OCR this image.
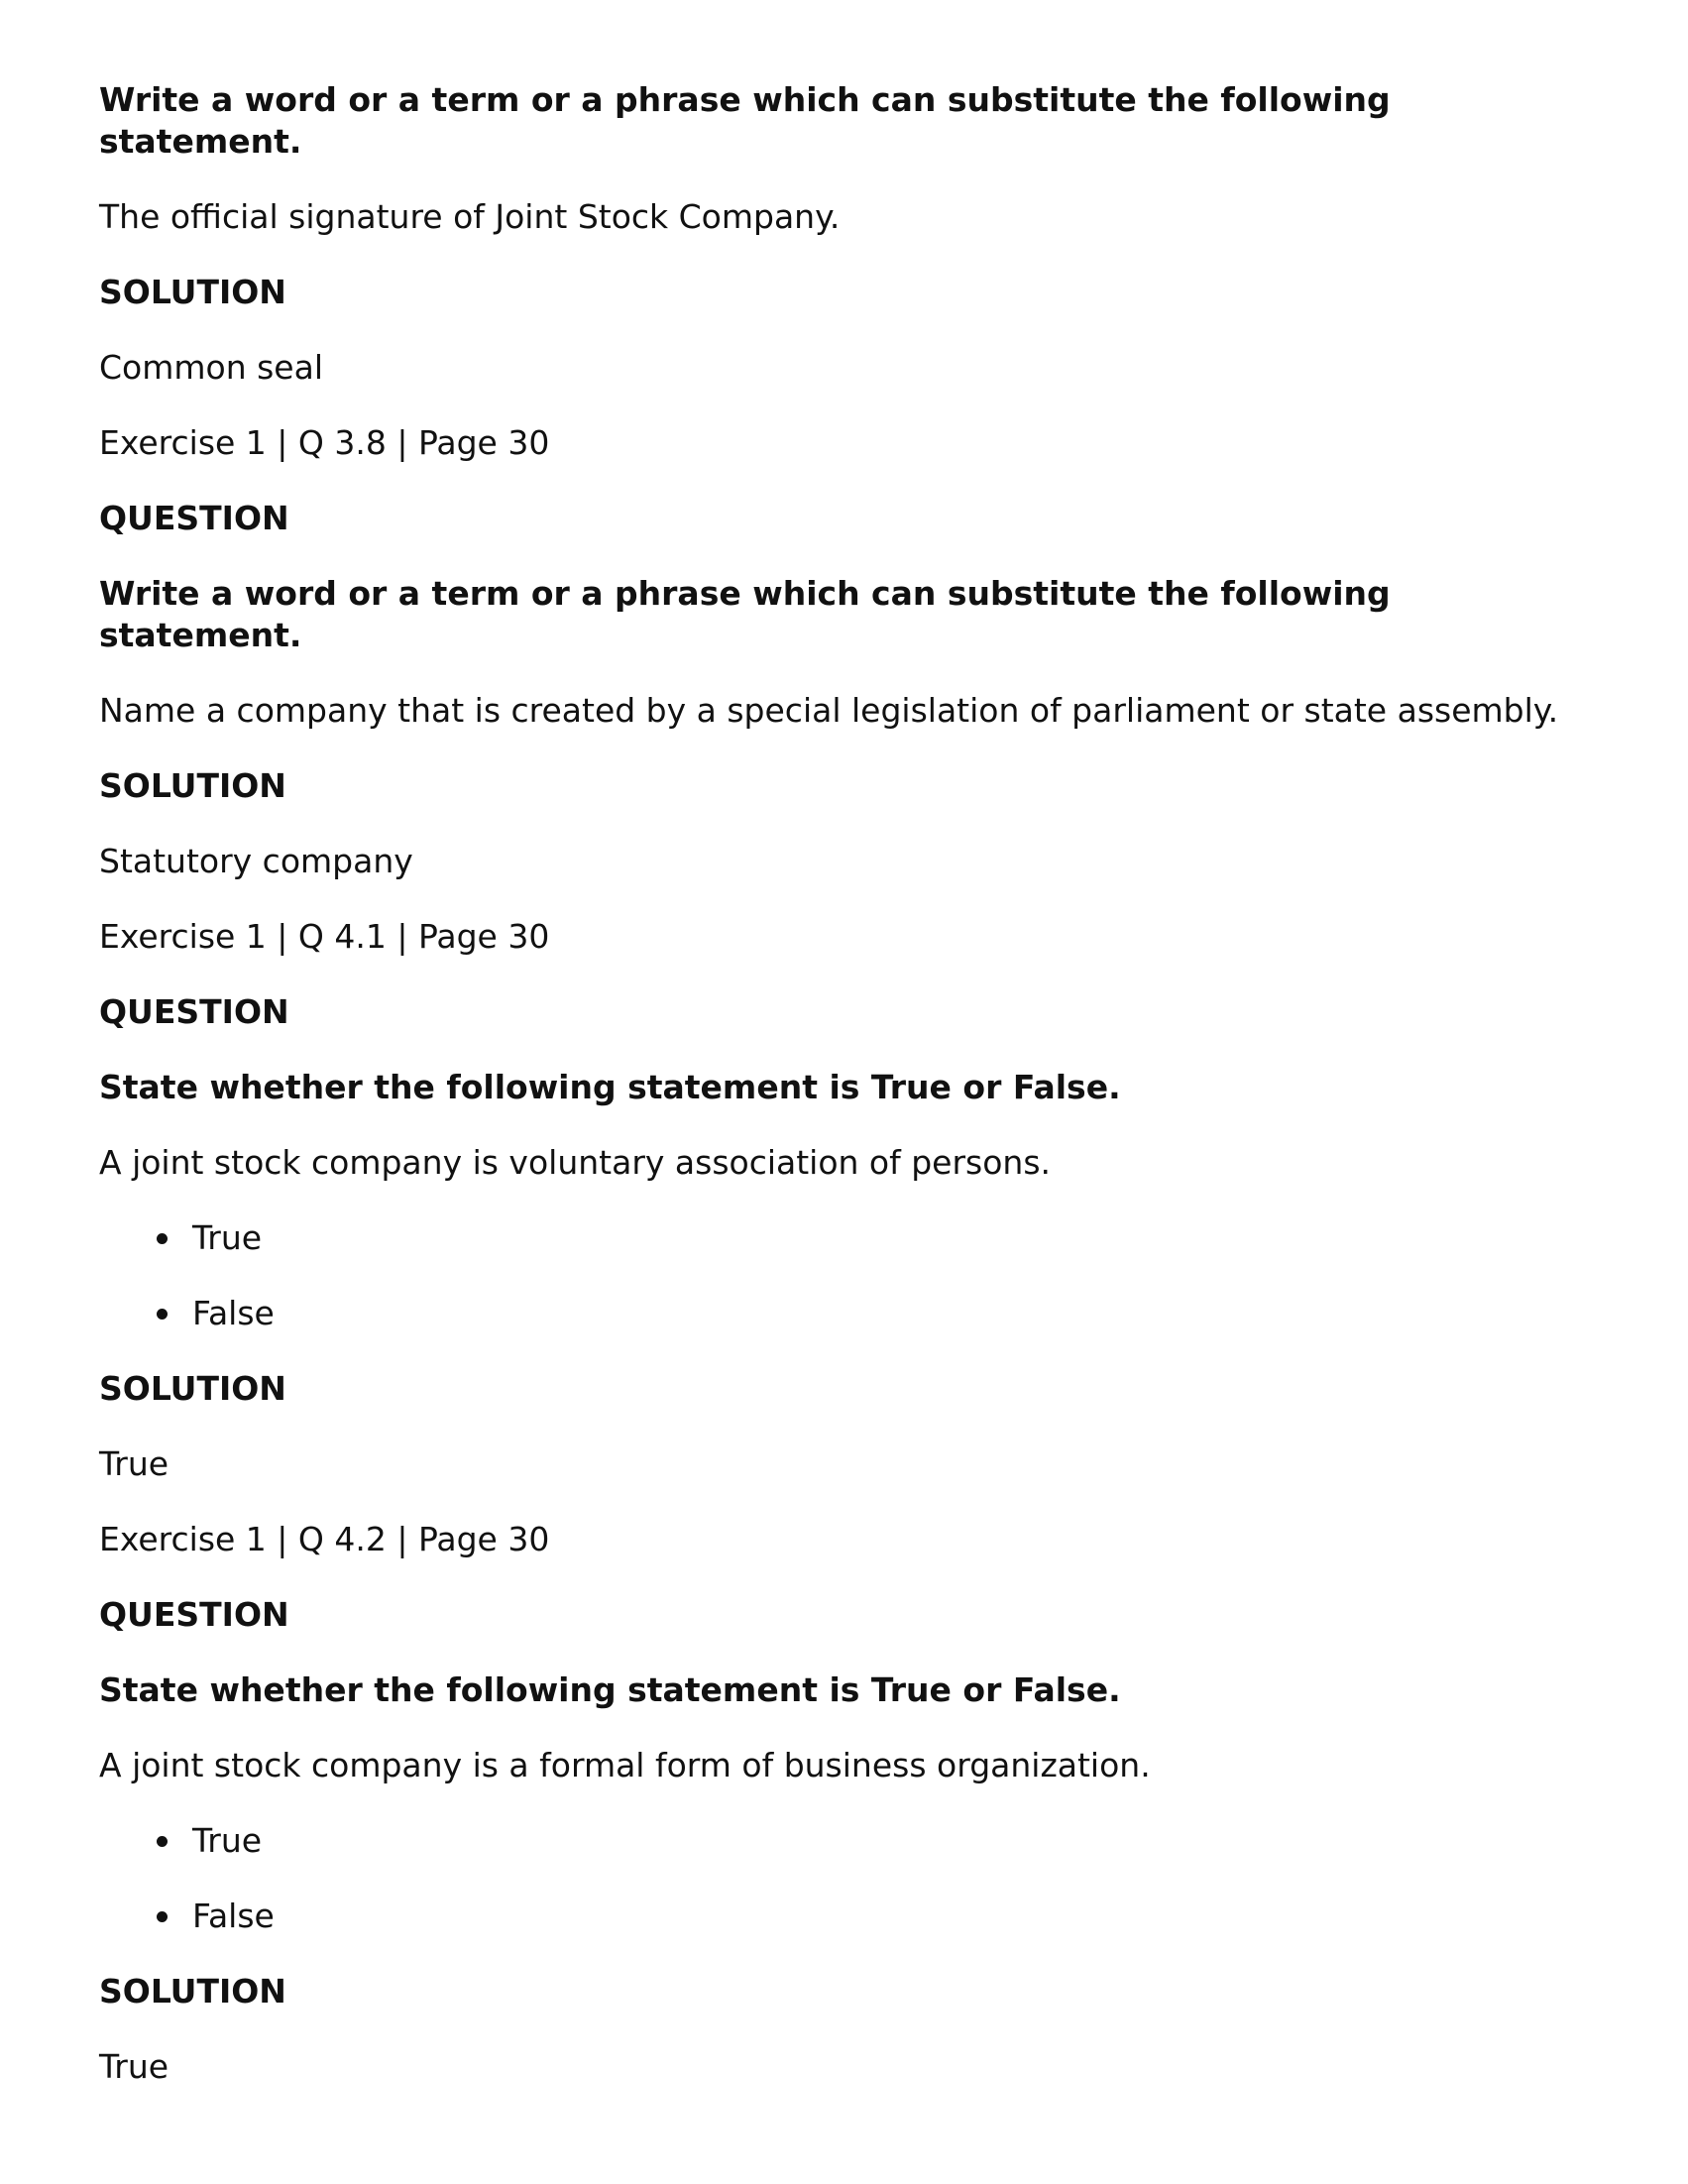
Write a word or a term or a phrase which can substitute the following statement.
The official signature of Joint Stock Company.
SOLUTION
Common seal
Exercise 1 | Q 3.8 | Page 30
QUESTION
Write a word or a term or a phrase which can substitute the following statement.
Name a company that is created by a special legislation of parliament or state assembly.
SOLUTION
Statutory company
Exercise 1 | Q 4.1 | Page 30
QUESTION
State whether the following statement is True or False.
A joint stock company is voluntary association of persons.
True
False
SOLUTION
True
Exercise 1 | Q 4.2 | Page 30
QUESTION
State whether the following statement is True or False.
A joint stock company is a formal form of business organization.
True
False
SOLUTION
True
